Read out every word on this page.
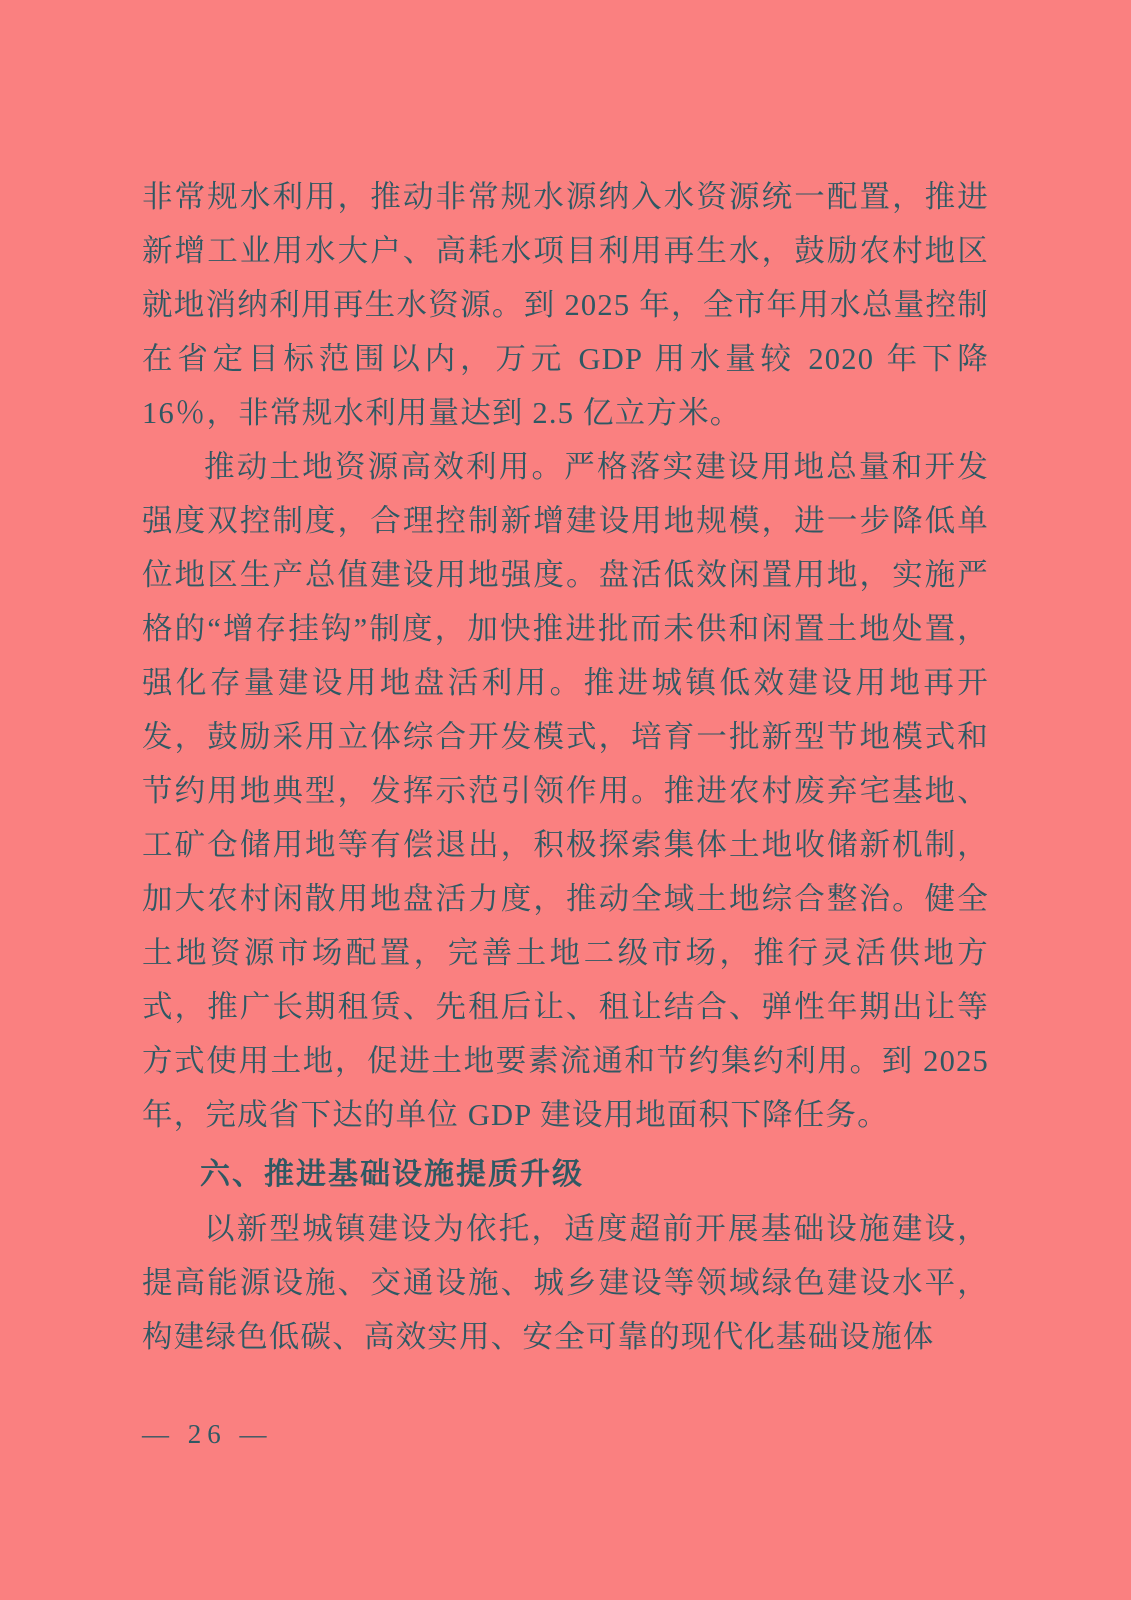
非常规水利用，推动非常规水源纳入水资源统一配置，推进新增工业用水大户、高耗水项目利用再生水，鼓励农村地区就地消纳利用再生水资源。到 2025 年，全市年用水总量控制在省定目标范围以内，万元 GDP 用水量较 2020 年下降 16％，非常规水利用量达到 2.5 亿立方米。

推动土地资源高效利用。严格落实建设用地总量和开发强度双控制度，合理控制新增建设用地规模，进一步降低单位地区生产总值建设用地强度。盘活低效闲置用地，实施严格的“增存挂钩”制度，加快推进批而未供和闲置土地处置，强化存量建设用地盘活利用。推进城镇低效建设用地再开发，鼓励采用立体综合开发模式，培育一批新型节地模式和节约用地典型，发挥示范引领作用。推进农村废弃宅基地、工矿仓储用地等有偿退出，积极探索集体土地收储新机制，加大农村闲散用地盘活力度，推动全域土地综合整治。健全土地资源市场配置，完善土地二级市场，推行灵活供地方式，推广长期租赁、先租后让、租让结合、弹性年期出让等方式使用土地，促进土地要素流通和节约集约利用。到 2025 年，完成省下达的单位 GDP 建设用地面积下降任务。

六、推进基础设施提质升级

以新型城镇建设为依托，适度超前开展基础设施建设，提高能源设施、交通设施、城乡建设等领域绿色建设水平，构建绿色低碳、高效实用、安全可靠的现代化基础设施体

— 26 —
